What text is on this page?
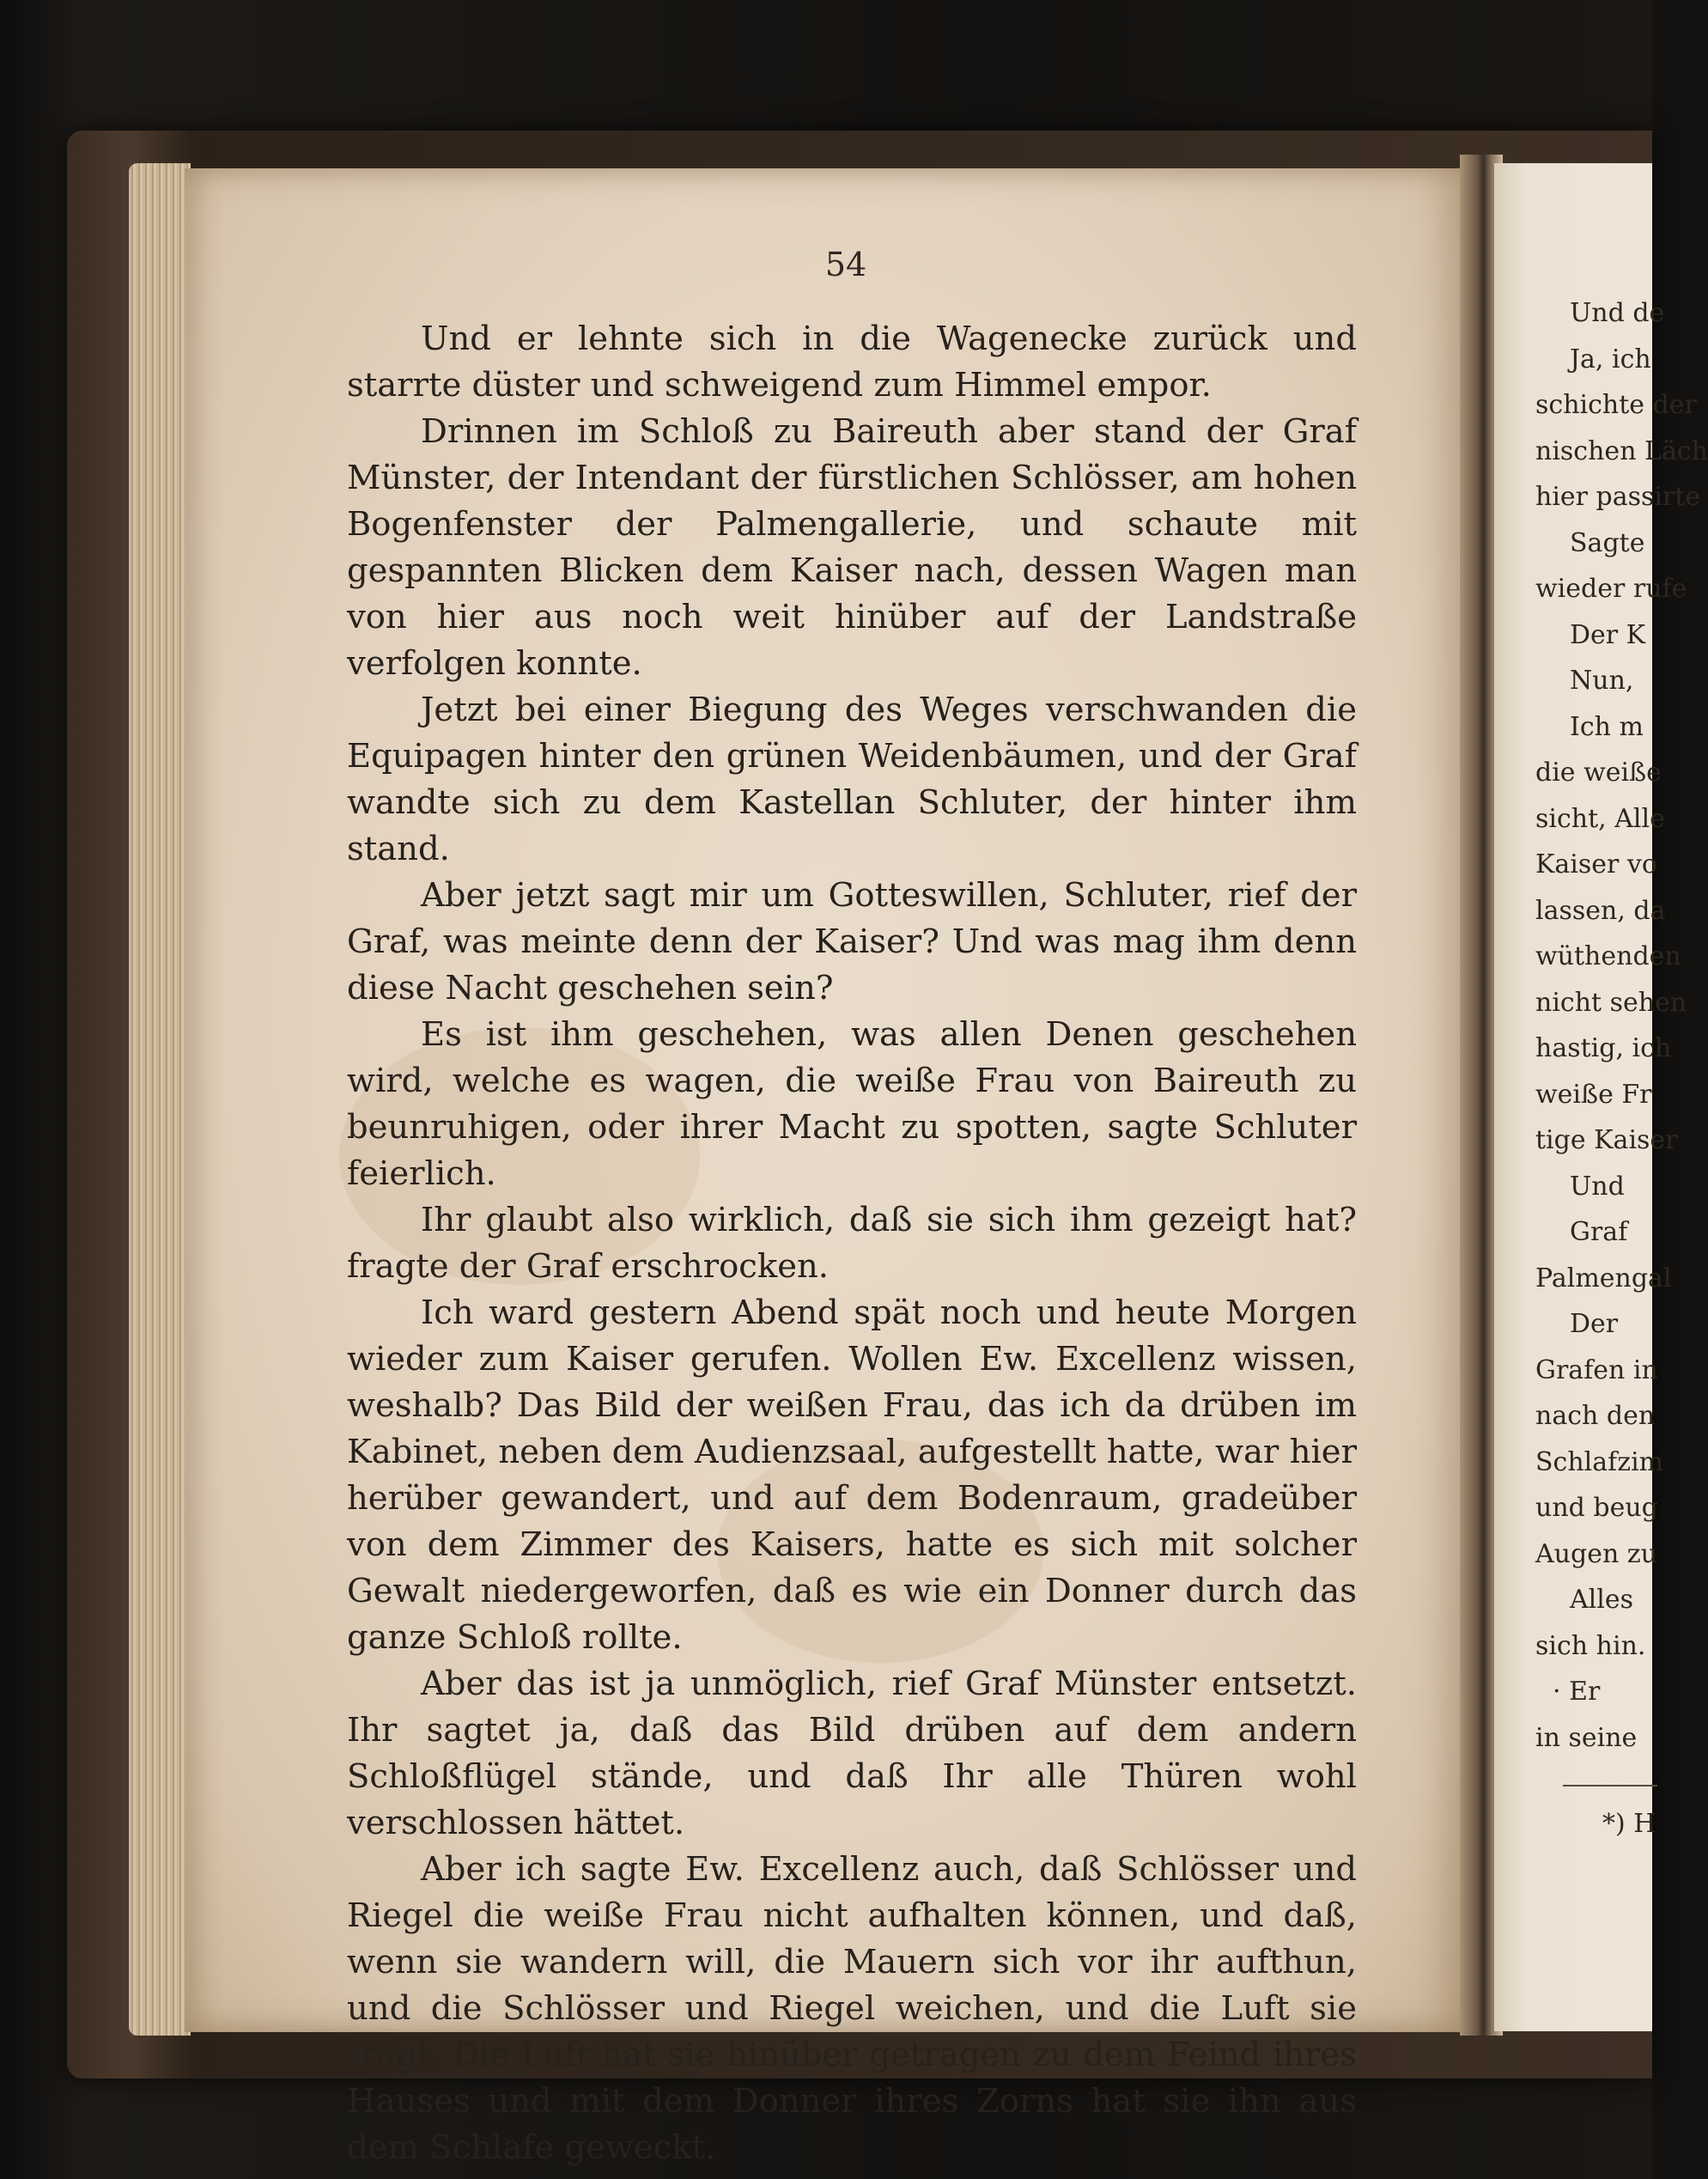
54

Und er lehnte sich in die Wagenecke zurück und starrte düster und schweigend zum Himmel empor.

Drinnen im Schloß zu Baireuth aber stand der Graf Münster, der Intendant der fürstlichen Schlösser, am hohen Bogenfenster der Palmengallerie, und schaute mit gespannten Blicken dem Kaiser nach, dessen Wagen man von hier aus noch weit hinüber auf der Landstraße verfolgen konnte.

Jetzt bei einer Biegung des Weges verschwanden die Equipagen hinter den grünen Weidenbäumen, und der Graf wandte sich zu dem Kastellan Schluter, der hinter ihm stand.

Aber jetzt sagt mir um Gotteswillen, Schluter, rief der Graf, was meinte denn der Kaiser? Und was mag ihm denn diese Nacht geschehen sein?

Es ist ihm geschehen, was allen Denen geschehen wird, welche es wagen, die weiße Frau von Baireuth zu beunruhigen, oder ihrer Macht zu spotten, sagte Schluter feierlich.

Ihr glaubt also wirklich, daß sie sich ihm gezeigt hat? fragte der Graf erschrocken.

Ich ward gestern Abend spät noch und heute Morgen wieder zum Kaiser gerufen. Wollen Ew. Excellenz wissen, weshalb? Das Bild der weißen Frau, das ich da drüben im Kabinet, neben dem Audienzsaal, aufgestellt hatte, war hier herüber gewandert, und auf dem Bodenraum, gradeüber von dem Zimmer des Kaisers, hatte es sich mit solcher Gewalt niedergeworfen, daß es wie ein Donner durch das ganze Schloß rollte.

Aber das ist ja unmöglich, rief Graf Münster entsetzt. Ihr sagtet ja, daß das Bild drüben auf dem andern Schloßflügel stände, und daß Ihr alle Thüren wohl verschlossen hättet.

Aber ich sagte Ew. Excellenz auch, daß Schlösser und Riegel die weiße Frau nicht aufhalten können, und daß, wenn sie wandern will, die Mauern sich vor ihr aufthun, und die Schlösser und Riegel weichen, und die Luft sie trägt. Die Luft hat sie hinüber getragen zu dem Feind ihres Hauses und mit dem Donner ihres Zorns hat sie ihn aus dem Schlafe geweckt.

Und de
Ja, ich
schichte der
nischen Läch
hier passirte
Sagte
wieder rufe
Der K
Nun,
Ich m
die weiße
sicht, Alle
Kaiser vo
lassen, da
wüthenden
nicht sehen
hastig, ich
weiße Fr
tige Kaiser
Und
Graf
Palmengal
Der
Grafen in
nach den
Schlafzim
und beug
Augen zu
Alles
sich hin.
· Er
in seine
*) H
